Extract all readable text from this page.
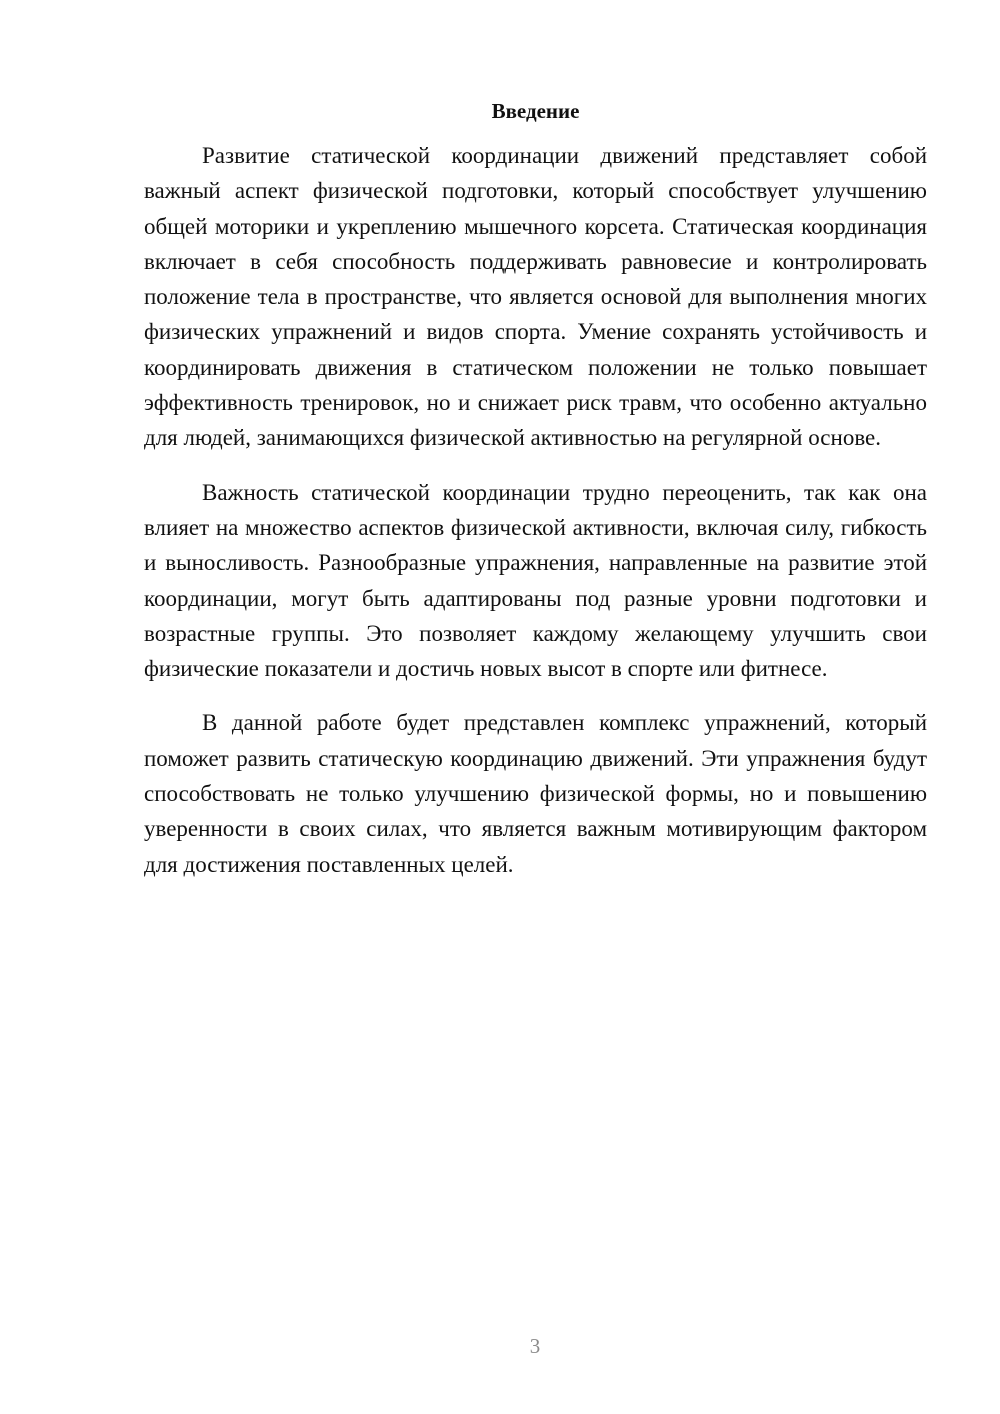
Введение

Развитие статической координации движений представляет собой важный аспект физической подготовки, который способствует улучшению общей моторики и укреплению мышечного корсета. Статическая координация включает в себя способность поддерживать равновесие и контролировать положение тела в пространстве, что является основой для выполнения многих физических упражнений и видов спорта. Умение сохранять устойчивость и координировать движения в статическом положении не только повышает эффективность тренировок, но и снижает риск травм, что особенно актуально для людей, занимающихся физической активностью на регулярной основе.

Важность статической координации трудно переоценить, так как она влияет на множество аспектов физической активности, включая силу, гибкость и выносливость. Разнообразные упражнения, направленные на развитие этой координации, могут быть адаптированы под разные уровни подготовки и возрастные группы. Это позволяет каждому желающему улучшить свои физические показатели и достичь новых высот в спорте или фитнесе.

В данной работе будет представлен комплекс упражнений, который поможет развить статическую координацию движений. Эти упражнения будут способствовать не только улучшению физической формы, но и повышению уверенности в своих силах, что является важным мотивирующим фактором для достижения поставленных целей.

3
